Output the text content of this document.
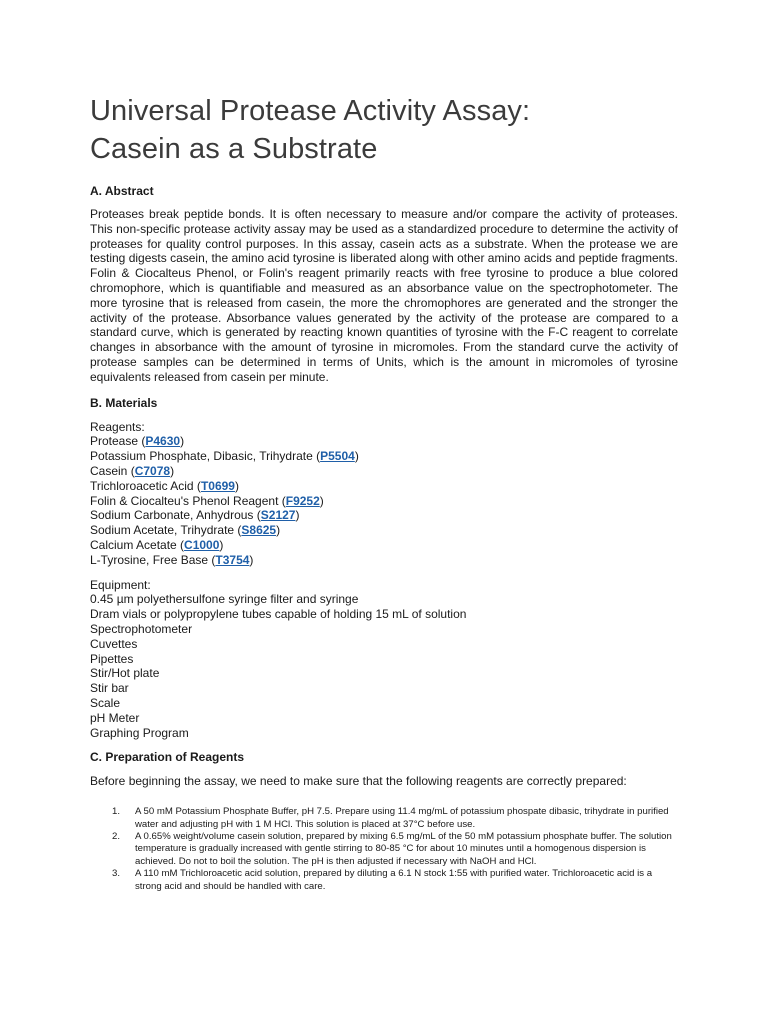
Universal Protease Activity Assay:
Casein as a Substrate
A. Abstract

Proteases break peptide bonds. It is often necessary to measure and/or compare the activity of proteases. This non-specific protease activity assay may be used as a standardized procedure to determine the activity of proteases for quality control purposes. In this assay, casein acts as a substrate. When the protease we are testing digests casein, the amino acid tyrosine is liberated along with other amino acids and peptide fragments. Folin & Ciocalteus Phenol, or Folin's reagent primarily reacts with free tyrosine to produce a blue colored chromophore, which is quantifiable and measured as an absorbance value on the spectrophotometer. The more tyrosine that is released from casein, the more the chromophores are generated and the stronger the activity of the protease. Absorbance values generated by the activity of the protease are compared to a standard curve, which is generated by reacting known quantities of tyrosine with the F-C reagent to correlate changes in absorbance with the amount of tyrosine in micromoles. From the standard curve the activity of protease samples can be determined in terms of Units, which is the amount in micromoles of tyrosine equivalents released from casein per minute.

B. Materials
Reagents:
Protease (P4630)
Potassium Phosphate, Dibasic, Trihydrate (P5504)
Casein (C7078)
Trichloroacetic Acid (T0699)
Folin & Ciocalteu's Phenol Reagent (F9252)
Sodium Carbonate, Anhydrous (S2127)
Sodium Acetate, Trihydrate (S8625)
Calcium Acetate (C1000)
L-Tyrosine, Free Base (T3754)
Equipment:
0.45 µm polyethersulfone syringe filter and syringe
Dram vials or polypropylene tubes capable of holding 15 mL of solution
Spectrophotometer
Cuvettes
Pipettes
Stir/Hot plate
Stir bar
Scale
pH Meter
Graphing Program
C. Preparation of Reagents

Before beginning the assay, we need to make sure that the following reagents are correctly prepared:

1.	A 50 mM Potassium Phosphate Buffer, pH 7.5. Prepare using 11.4 mg/mL of potassium phospate dibasic, trihydrate in purified water and adjusting pH with 1 M HCl. This solution is placed at 37°C before use.
2.	A 0.65% weight/volume casein solution, prepared by mixing 6.5 mg/mL of the 50 mM potassium phosphate buffer. The solution temperature is gradually increased with gentle stirring to 80-85 °C for about 10 minutes until a homogenous dispersion is achieved. Do not to boil the solution. The pH is then adjusted if necessary with NaOH and HCl.
3.	A 110 mM Trichloroacetic acid solution, prepared by diluting a 6.1 N stock 1:55 with purified water. Trichloroacetic acid is a strong acid and should be handled with care.
